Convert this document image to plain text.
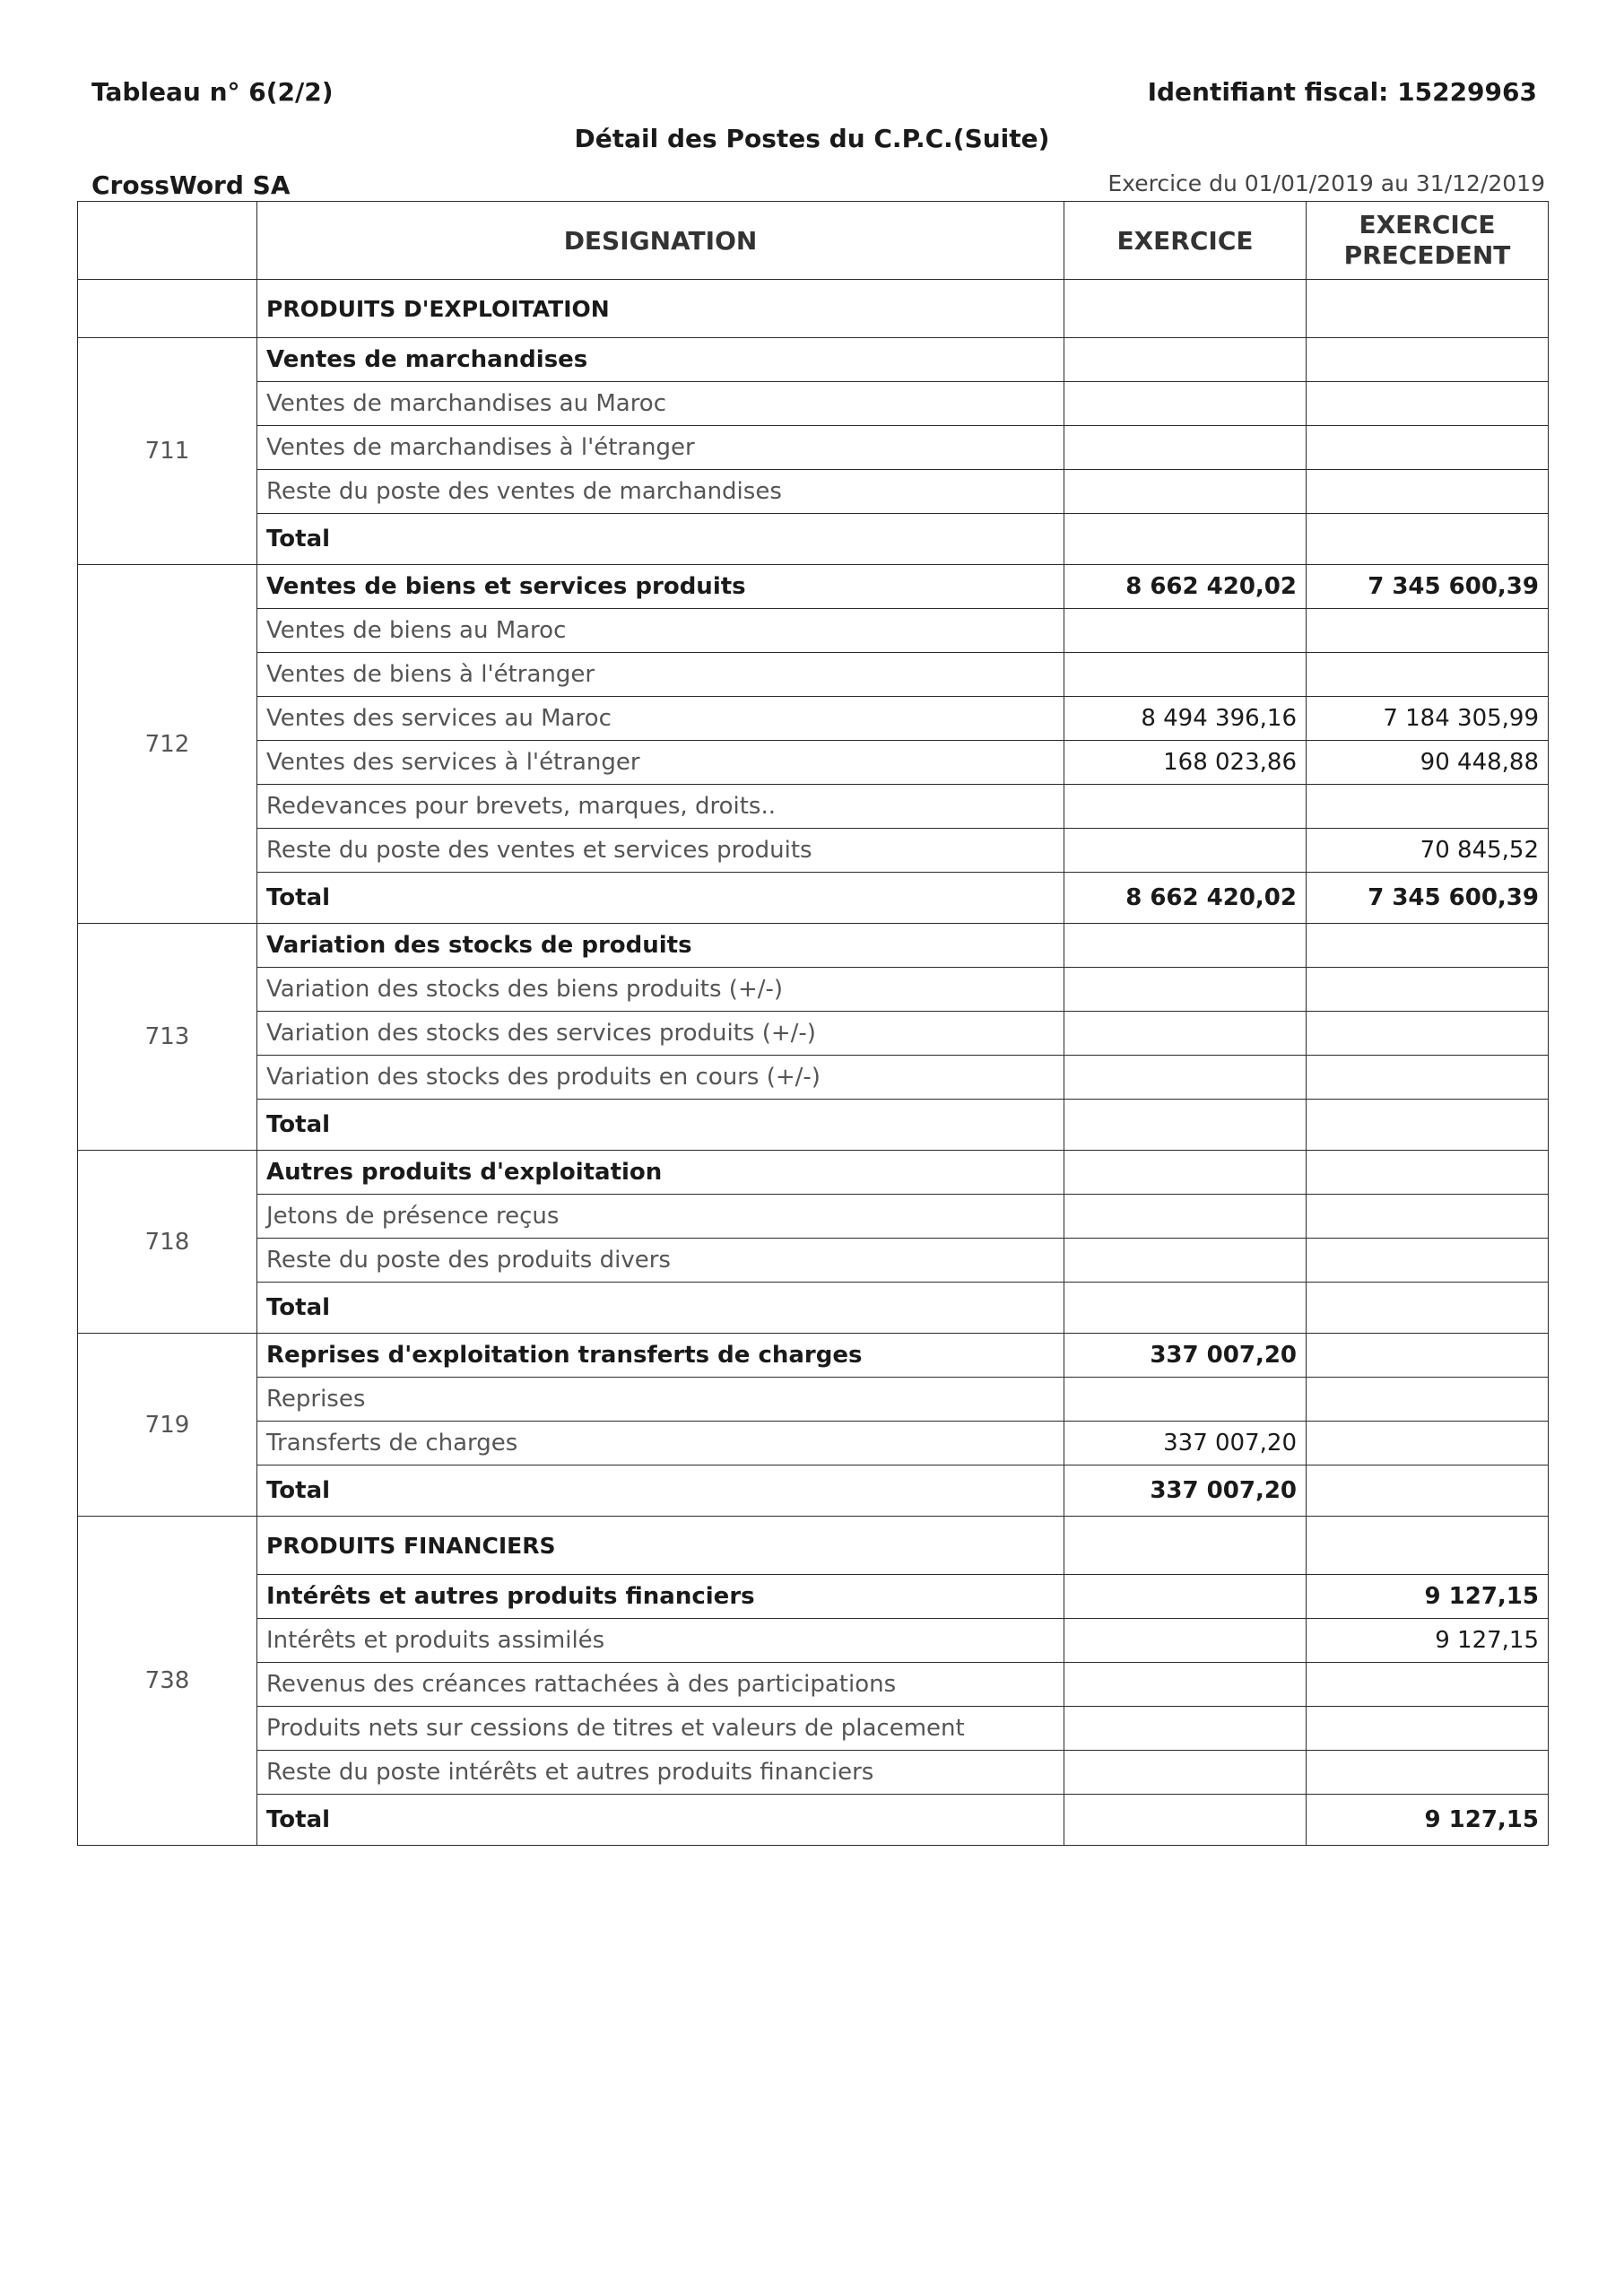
Tableau n° 6(2/2)	Identifiant fiscal: 15229963
Détail des Postes du C.P.C.(Suite)
CrossWord SA	Exercice du 01/01/2019 au 31/12/2019
	DESIGNATION	EXERCICE	EXERCICE PRECEDENT
	PRODUITS D'EXPLOITATION		
711	Ventes de marchandises		
	Ventes de marchandises au Maroc		
	Ventes de marchandises à l'étranger		
	Reste du poste des ventes de marchandises		
	Total		
712	Ventes de biens et services produits	8 662 420,02	7 345 600,39
	Ventes de biens au Maroc		
	Ventes de biens à l'étranger		
	Ventes des services au Maroc	8 494 396,16	7 184 305,99
	Ventes des services à l'étranger	168 023,86	90 448,88
	Redevances pour brevets, marques, droits..		
	Reste du poste des ventes et services produits		70 845,52
	Total	8 662 420,02	7 345 600,39
713	Variation des stocks de produits		
	Variation des stocks des biens produits (+/-)		
	Variation des stocks des services produits (+/-)		
	Variation des stocks des produits en cours (+/-)		
	Total		
718	Autres produits d'exploitation		
	Jetons de présence reçus		
	Reste du poste des produits divers		
	Total		
719	Reprises d'exploitation transferts de charges	337 007,20	
	Reprises		
	Transferts de charges	337 007,20	
	Total	337 007,20	
738	PRODUITS FINANCIERS		
	Intérêts et autres produits financiers		9 127,15
	Intérêts et produits assimilés		9 127,15
	Revenus des créances rattachées à des participations		
	Produits nets sur cessions de titres et valeurs de placement		
	Reste du poste intérêts et autres produits financiers		
	Total		9 127,15
